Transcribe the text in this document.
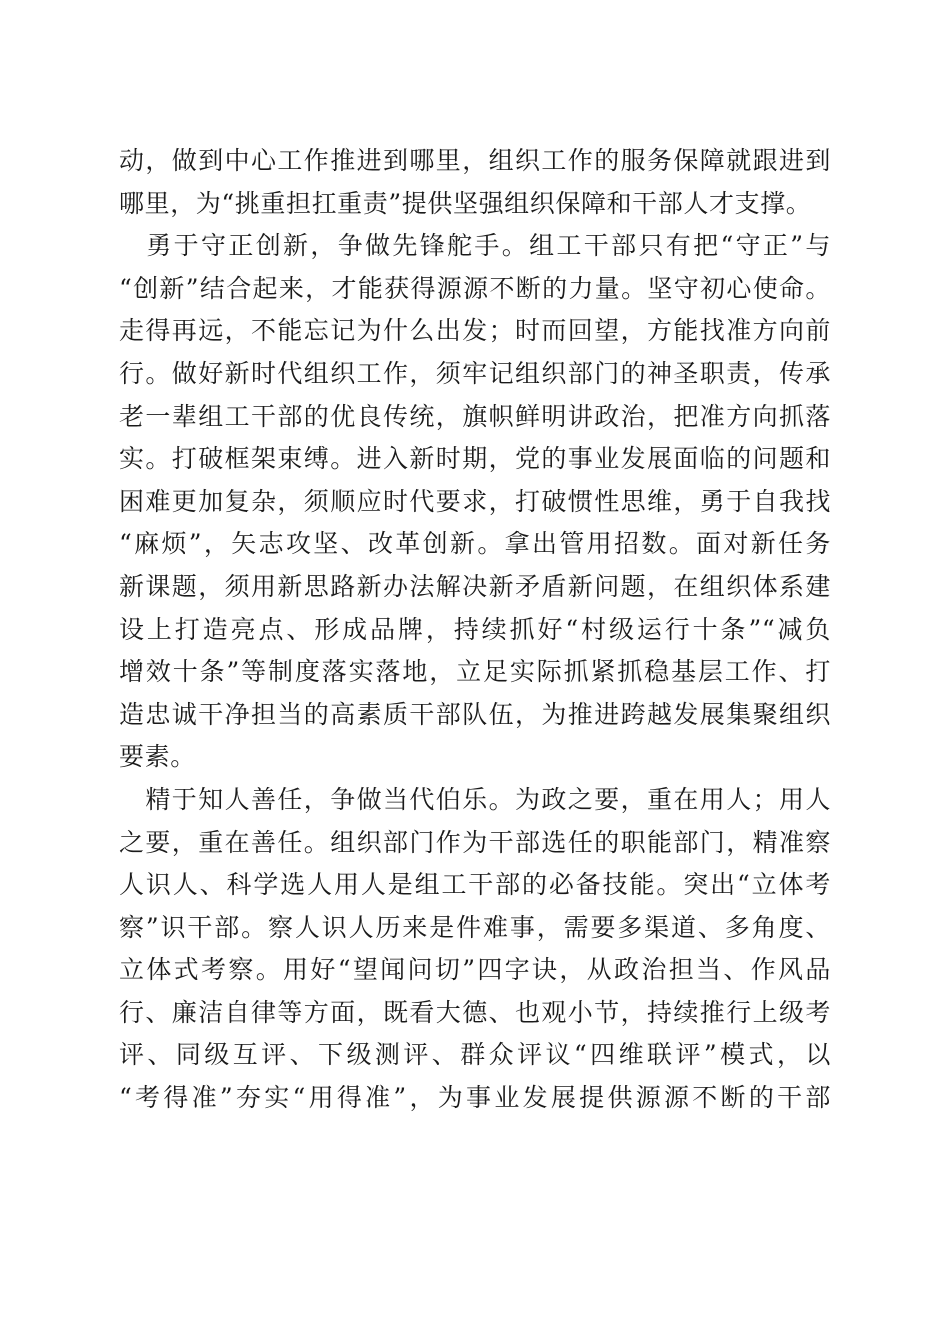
动，做到中心工作推进到哪里，组织工作的服务保障就跟进到
哪里，为“挑重担扛重责”提供坚强组织保障和干部人才支撑。
　勇于守正创新，争做先锋舵手。组工干部只有把“守正”与
“创新”结合起来，才能获得源源不断的力量。坚守初心使命。
走得再远，不能忘记为什么出发；时而回望，方能找准方向前
行。做好新时代组织工作，须牢记组织部门的神圣职责，传承
老一辈组工干部的优良传统，旗帜鲜明讲政治，把准方向抓落
实。打破框架束缚。进入新时期，党的事业发展面临的问题和
困难更加复杂，须顺应时代要求，打破惯性思维，勇于自我找
“麻烦”，矢志攻坚、改革创新。拿出管用招数。面对新任务
新课题，须用新思路新办法解决新矛盾新问题，在组织体系建
设上打造亮点、形成品牌，持续抓好“村级运行十条”“减负
增效十条”等制度落实落地，立足实际抓紧抓稳基层工作、打
造忠诚干净担当的高素质干部队伍，为推进跨越发展集聚组织
要素。
　精于知人善任，争做当代伯乐。为政之要，重在用人；用人
之要，重在善任。组织部门作为干部选任的职能部门，精准察
人识人、科学选人用人是组工干部的必备技能。突出“立体考
察”识干部。察人识人历来是件难事，需要多渠道、多角度、
立体式考察。用好“望闻问切”四字诀，从政治担当、作风品
行、廉洁自律等方面，既看大德、也观小节，持续推行上级考
评、同级互评、下级测评、群众评议“四维联评”模式，以
“考得准”夯实“用得准”，为事业发展提供源源不断的干部
